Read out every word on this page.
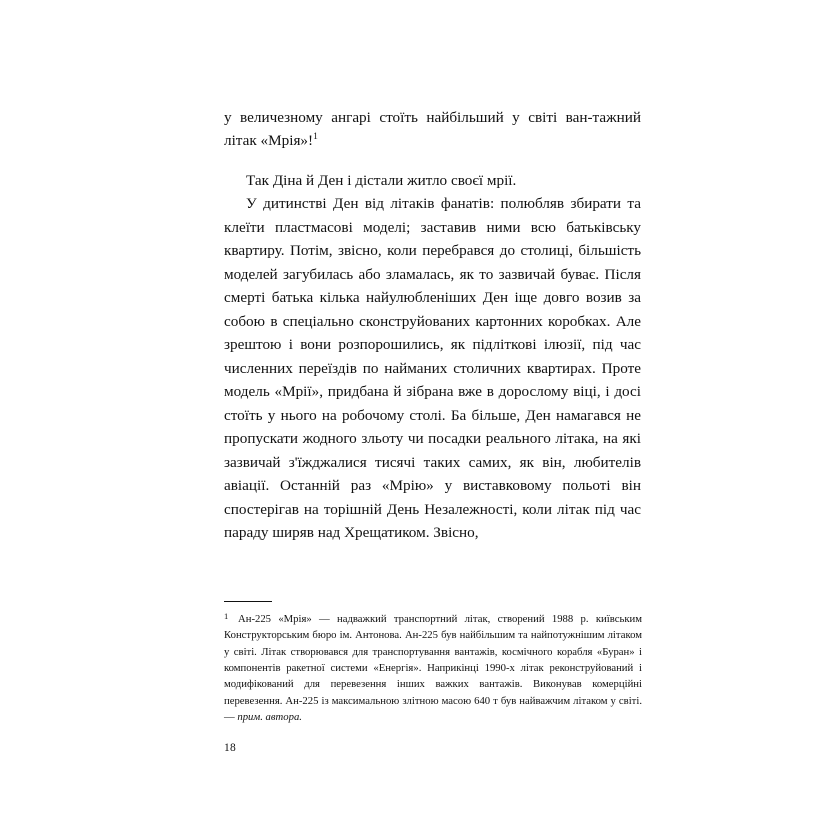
у величезному ангарі стоїть найбільший у світі ван-тажний літак «Мрія»!$^1$

Так Діна й Ден і дістали житло своєї мрії.

У дитинстві Ден від літаків фанатів: полюбляв збирати та клеїти пластмасові моделі; заставив ними всю батьківську квартиру. Потім, звісно, коли перебрався до столиці, більшість моделей загубилась або зламалась, як то зазвичай буває. Після смерті батька кілька найулюбленіших Ден іще довго возив за собою в спеціально сконструйованих картонних коробках. Але зрештою і вони розпорошились, як підліткові ілюзії, під час численних переїздів по найманих столичних квартирах. Проте модель «Мрії», придбана й зібрана вже в дорослому віці, і досі стоїть у нього на робочому столі. Ба більше, Ден намагався не пропускати жодного зльоту чи посадки реального літака, на які зазвичай з'їжджалися тисячі таких самих, як він, любителів авіації. Останній раз «Мрію» у виставковому польоті він спостерігав на торішній День Незалежності, коли літак під час параду ширяв над Хрещатиком. Звісно,

1 Ан-225 «Мрія» — надважкий транспортний літак, створений 1988 р. київським Конструкторським бюро ім. Антонова. Ан-225 був найбільшим та найпотужнішим літаком у світі. Літак створювався для транспортування вантажів, космічного корабля «Буран» і компонентів ракетної системи «Енергія». Наприкінці 1990-х літак реконструйований і модифікований для перевезення інших важких вантажів. Виконував комерційні перевезення. Ан-225 із максимальною злітною масою 640 т був найважчим літаком у світі. — прим. автора.
18
